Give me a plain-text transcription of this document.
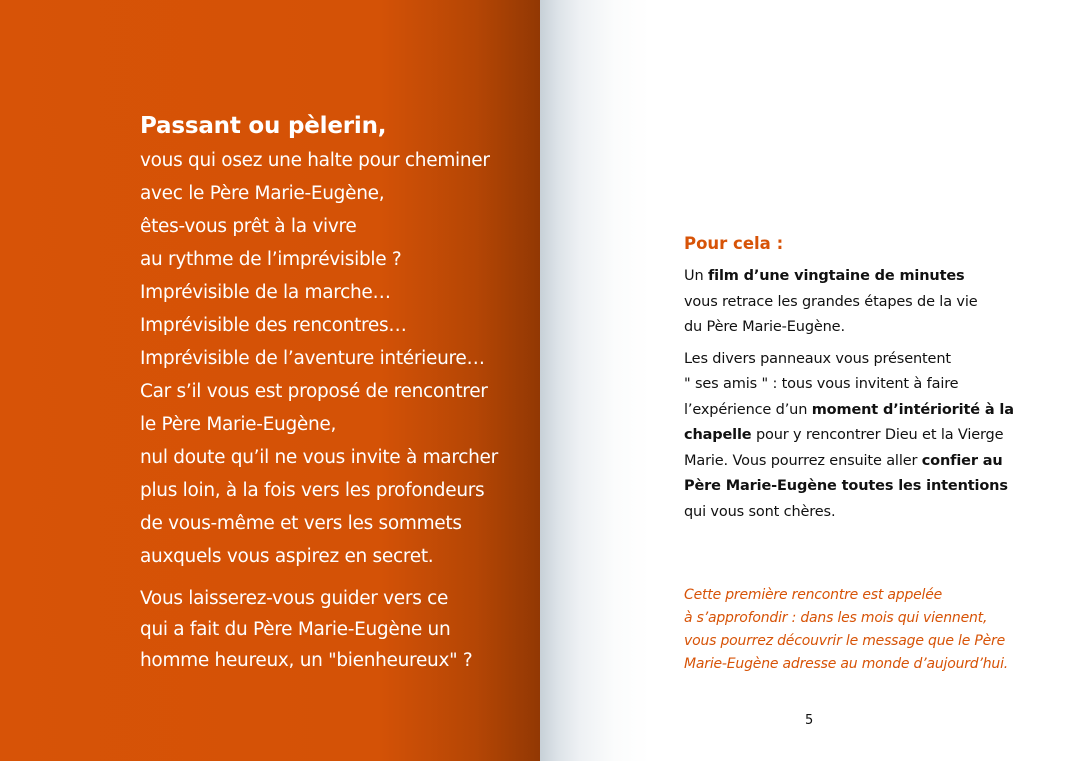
Passant ou pèlerin,

vous qui osez une halte pour cheminer

avec le Père Marie-Eugène,

êtes-vous prêt à la vivre

au rythme de l’imprévisible ?

Imprévisible de la marche…

Imprévisible des rencontres…

Imprévisible de l’aventure intérieure…

Car s’il vous est proposé de rencontrer

le Père Marie-Eugène,

nul doute qu’il ne vous invite à marcher

plus loin, à la fois vers les profondeurs

de vous-même et vers les sommets

auxquels vous aspirez en secret.

Vous laisserez-vous guider vers ce

qui a fait du Père Marie-Eugène un

homme heureux, un "bienheureux" ?

Pour cela :

Un film d’une vingtaine de minutes
vous retrace les grandes étapes de la vie
du Père Marie-Eugène.

Les divers panneaux vous présentent
" ses amis " : tous vous invitent à faire
l’expérience d’un moment d’intériorité à la
chapelle pour y rencontrer Dieu et la Vierge
Marie. Vous pourrez ensuite aller confier au
Père Marie-Eugène toutes les intentions
qui vous sont chères.

Cette première rencontre est appelée
à s’approfondir : dans les mois qui viennent,
vous pourrez découvrir le message que le Père
Marie-Eugène adresse au monde d’aujourd’hui.
5
